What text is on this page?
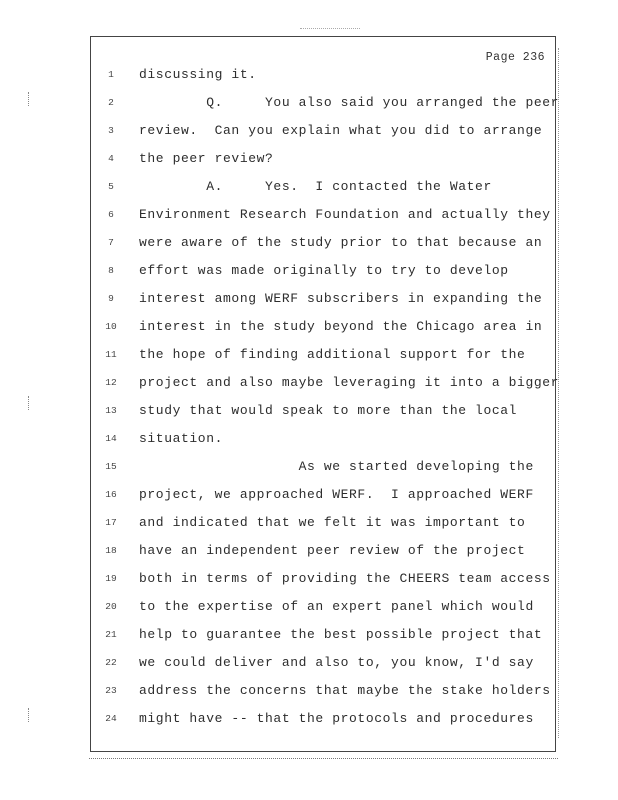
Page 236
1	discussing it.
2	Q.     You also said you arranged the peer
3	review.  Can you explain what you did to arrange
4	the peer review?
5	A.     Yes.  I contacted the Water
6	Environment Research Foundation and actually they
7	were aware of the study prior to that because an
8	effort was made originally to try to develop
9	interest among WERF subscribers in expanding the
10	interest in the study beyond the Chicago area in
11	the hope of finding additional support for the
12	project and also maybe leveraging it into a bigger
13	study that would speak to more than the local
14	situation.
15	As we started developing the
16	project, we approached WERF.  I approached WERF
17	and indicated that we felt it was important to
18	have an independent peer review of the project
19	both in terms of providing the CHEERS team access
20	to the expertise of an expert panel which would
21	help to guarantee the best possible project that
22	we could deliver and also to, you know, I'd say
23	address the concerns that maybe the stake holders
24	might have -- that the protocols and procedures
